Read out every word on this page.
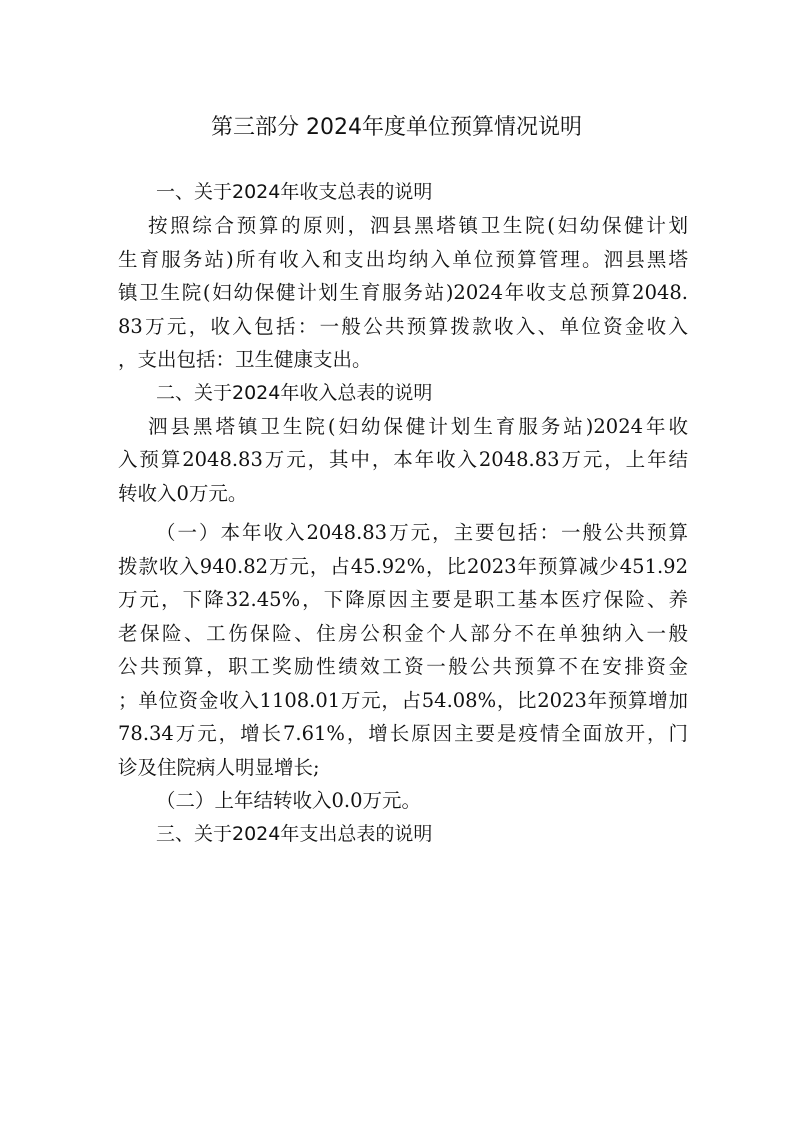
第三部分 2024年度单位预算情况说明

一、关于2024年收支总表的说明

按照综合预算的原则，泗县黑塔镇卫生院(妇幼保健计划

生育服务站)所有收入和支出均纳入单位预算管理。泗县黑塔

镇卫生院(妇幼保健计划生育服务站)2024年收支总预算2048.

83万元，收入包括：一般公共预算拨款收入、单位资金收入

，支出包括：卫生健康支出。

二、关于2024年收入总表的说明

泗县黑塔镇卫生院(妇幼保健计划生育服务站)2024年收

入预算2048.83万元，其中，本年收入2048.83万元，上年结

转收入0万元。

（一）本年收入2048.83万元，主要包括：一般公共预算

拨款收入940.82万元，占45.92%，比2023年预算减少451.92

万元，下降32.45%，下降原因主要是职工基本医疗保险、养

老保险、工伤保险、住房公积金个人部分不在单独纳入一般

公共预算，职工奖励性绩效工资一般公共预算不在安排资金

；单位资金收入1108.01万元，占54.08%，比2023年预算增加

78.34万元，增长7.61%，增长原因主要是疫情全面放开，门

诊及住院病人明显增长;

（二）上年结转收入0.0万元。

三、关于2024年支出总表的说明
